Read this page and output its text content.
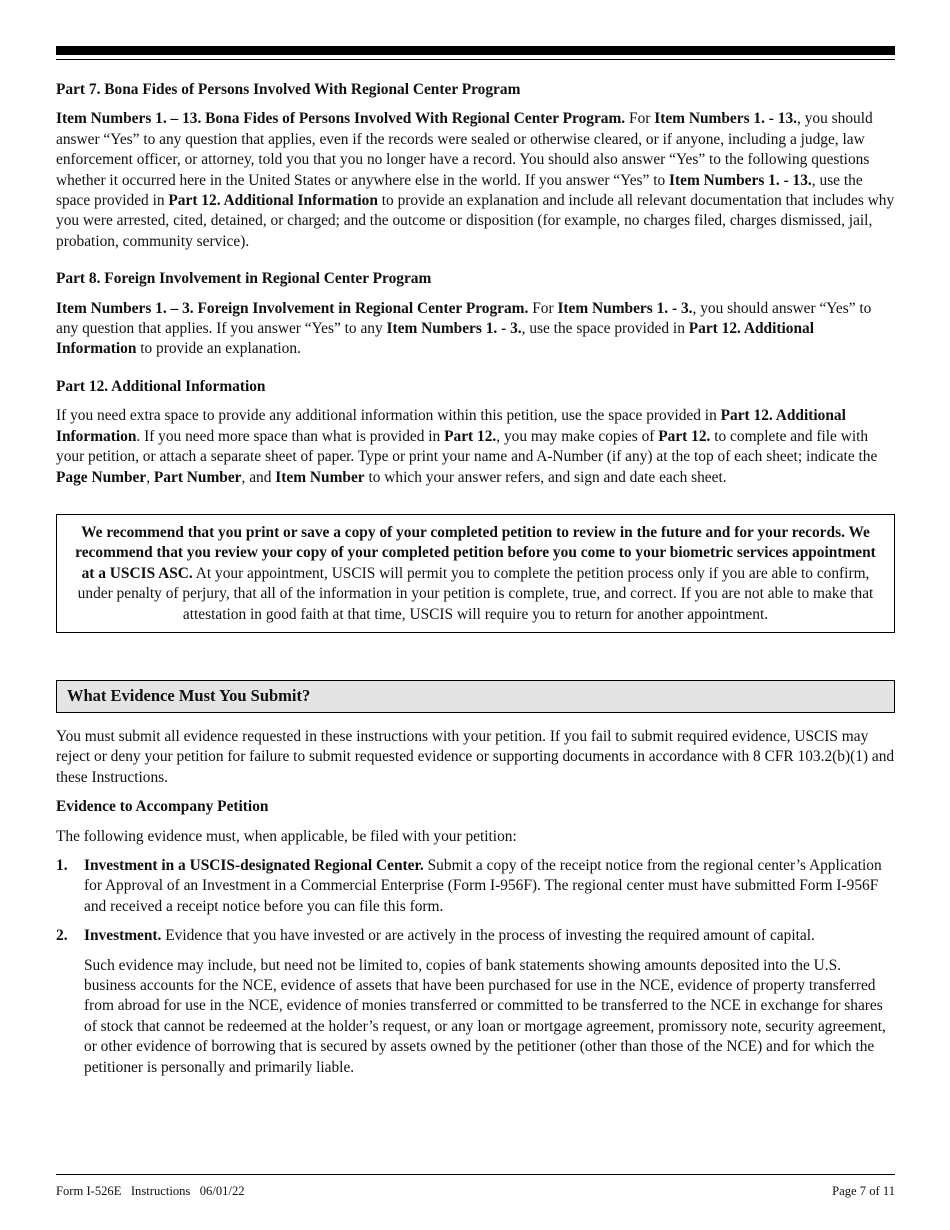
Part 7. Bona Fides of Persons Involved With Regional Center Program

Item Numbers 1. – 13. Bona Fides of Persons Involved With Regional Center Program. For Item Numbers 1. - 13., you should answer “Yes” to any question that applies, even if the records were sealed or otherwise cleared, or if anyone, including a judge, law enforcement officer, or attorney, told you that you no longer have a record. You should also answer “Yes” to the following questions whether it occurred here in the United States or anywhere else in the world. If you answer “Yes” to Item Numbers 1. - 13., use the space provided in Part 12. Additional Information to provide an explanation and include all relevant documentation that includes why you were arrested, cited, detained, or charged; and the outcome or disposition (for example, no charges filed, charges dismissed, jail, probation, community service).

Part 8. Foreign Involvement in Regional Center Program

Item Numbers 1. – 3. Foreign Involvement in Regional Center Program. For Item Numbers 1. - 3., you should answer “Yes” to any question that applies. If you answer “Yes” to any Item Numbers 1. - 3., use the space provided in Part 12. Additional Information to provide an explanation.

Part 12. Additional Information

If you need extra space to provide any additional information within this petition, use the space provided in Part 12. Additional Information. If you need more space than what is provided in Part 12., you may make copies of Part 12. to complete and file with your petition, or attach a separate sheet of paper. Type or print your name and A-Number (if any) at the top of each sheet; indicate the Page Number, Part Number, and Item Number to which your answer refers, and sign and date each sheet.

We recommend that you print or save a copy of your completed petition to review in the future and for your records. We recommend that you review your copy of your completed petition before you come to your biometric services appointment at a USCIS ASC. At your appointment, USCIS will permit you to complete the petition process only if you are able to confirm, under penalty of perjury, that all of the information in your petition is complete, true, and correct. If you are not able to make that attestation in good faith at that time, USCIS will require you to return for another appointment.
What Evidence Must You Submit?

You must submit all evidence requested in these instructions with your petition. If you fail to submit required evidence, USCIS may reject or deny your petition for failure to submit requested evidence or supporting documents in accordance with 8 CFR 103.2(b)(1) and these Instructions.

Evidence to Accompany Petition

The following evidence must, when applicable, be filed with your petition:

1. Investment in a USCIS-designated Regional Center. Submit a copy of the receipt notice from the regional center’s Application for Approval of an Investment in a Commercial Enterprise (Form I-956F). The regional center must have submitted Form I-956F and received a receipt notice before you can file this form.

2. Investment. Evidence that you have invested or are actively in the process of investing the required amount of capital.

Such evidence may include, but need not be limited to, copies of bank statements showing amounts deposited into the U.S. business accounts for the NCE, evidence of assets that have been purchased for use in the NCE, evidence of property transferred from abroad for use in the NCE, evidence of monies transferred or committed to be transferred to the NCE in exchange for shares of stock that cannot be redeemed at the holder’s request, or any loan or mortgage agreement, promissory note, security agreement, or other evidence of borrowing that is secured by assets owned by the petitioner (other than those of the NCE) and for which the petitioner is personally and primarily liable.

Form I-526E   Instructions   06/01/22	Page 7 of 11
